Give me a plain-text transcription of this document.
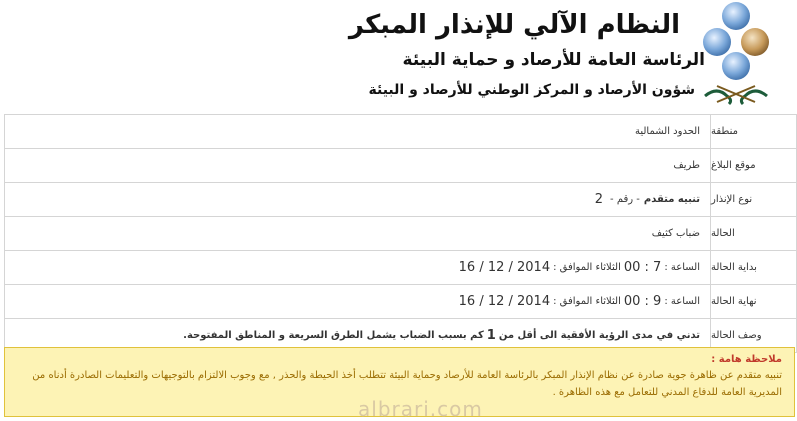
النظام الآلي للإنذار المبكر
الرئاسة العامة للأرصاد و حماية البيئة
شؤون الأرصاد و المركز الوطني للأرصاد و البيئة
منطقة
الحدود الشمالية
موقع البلاغ
طريف
نوع الإنذار
تنبيه متقدم
- رقم -
2
الحالة
ضباب كثيف
بداية الحالة
الساعة :
00 : 7
الثلاثاء الموافق :
16 / 12 / 2014
نهاية الحالة
الساعة :
00 : 9
الثلاثاء الموافق :
16 / 12 / 2014
وصف الحالة
تدني في مدى الرؤية الأفقية الى أقل من
1
كم بسبب الضباب يشمل الطرق السريعة و المناطق المفتوحة.
ملاحظة هامة :
تنبيه متقدم عن ظاهرة جوية صادرة عن نظام الإنذار المبكر بالرئاسة العامة للأرصاد وحماية البيئة تتطلب أخذ الحيطة والحذر , مع وجوب الالتزام بالتوجيهات والتعليمات الصادرة أدناه من المديرية العامة للدفاع المدني للتعامل مع هذه الظاهرة .
albrari.com
